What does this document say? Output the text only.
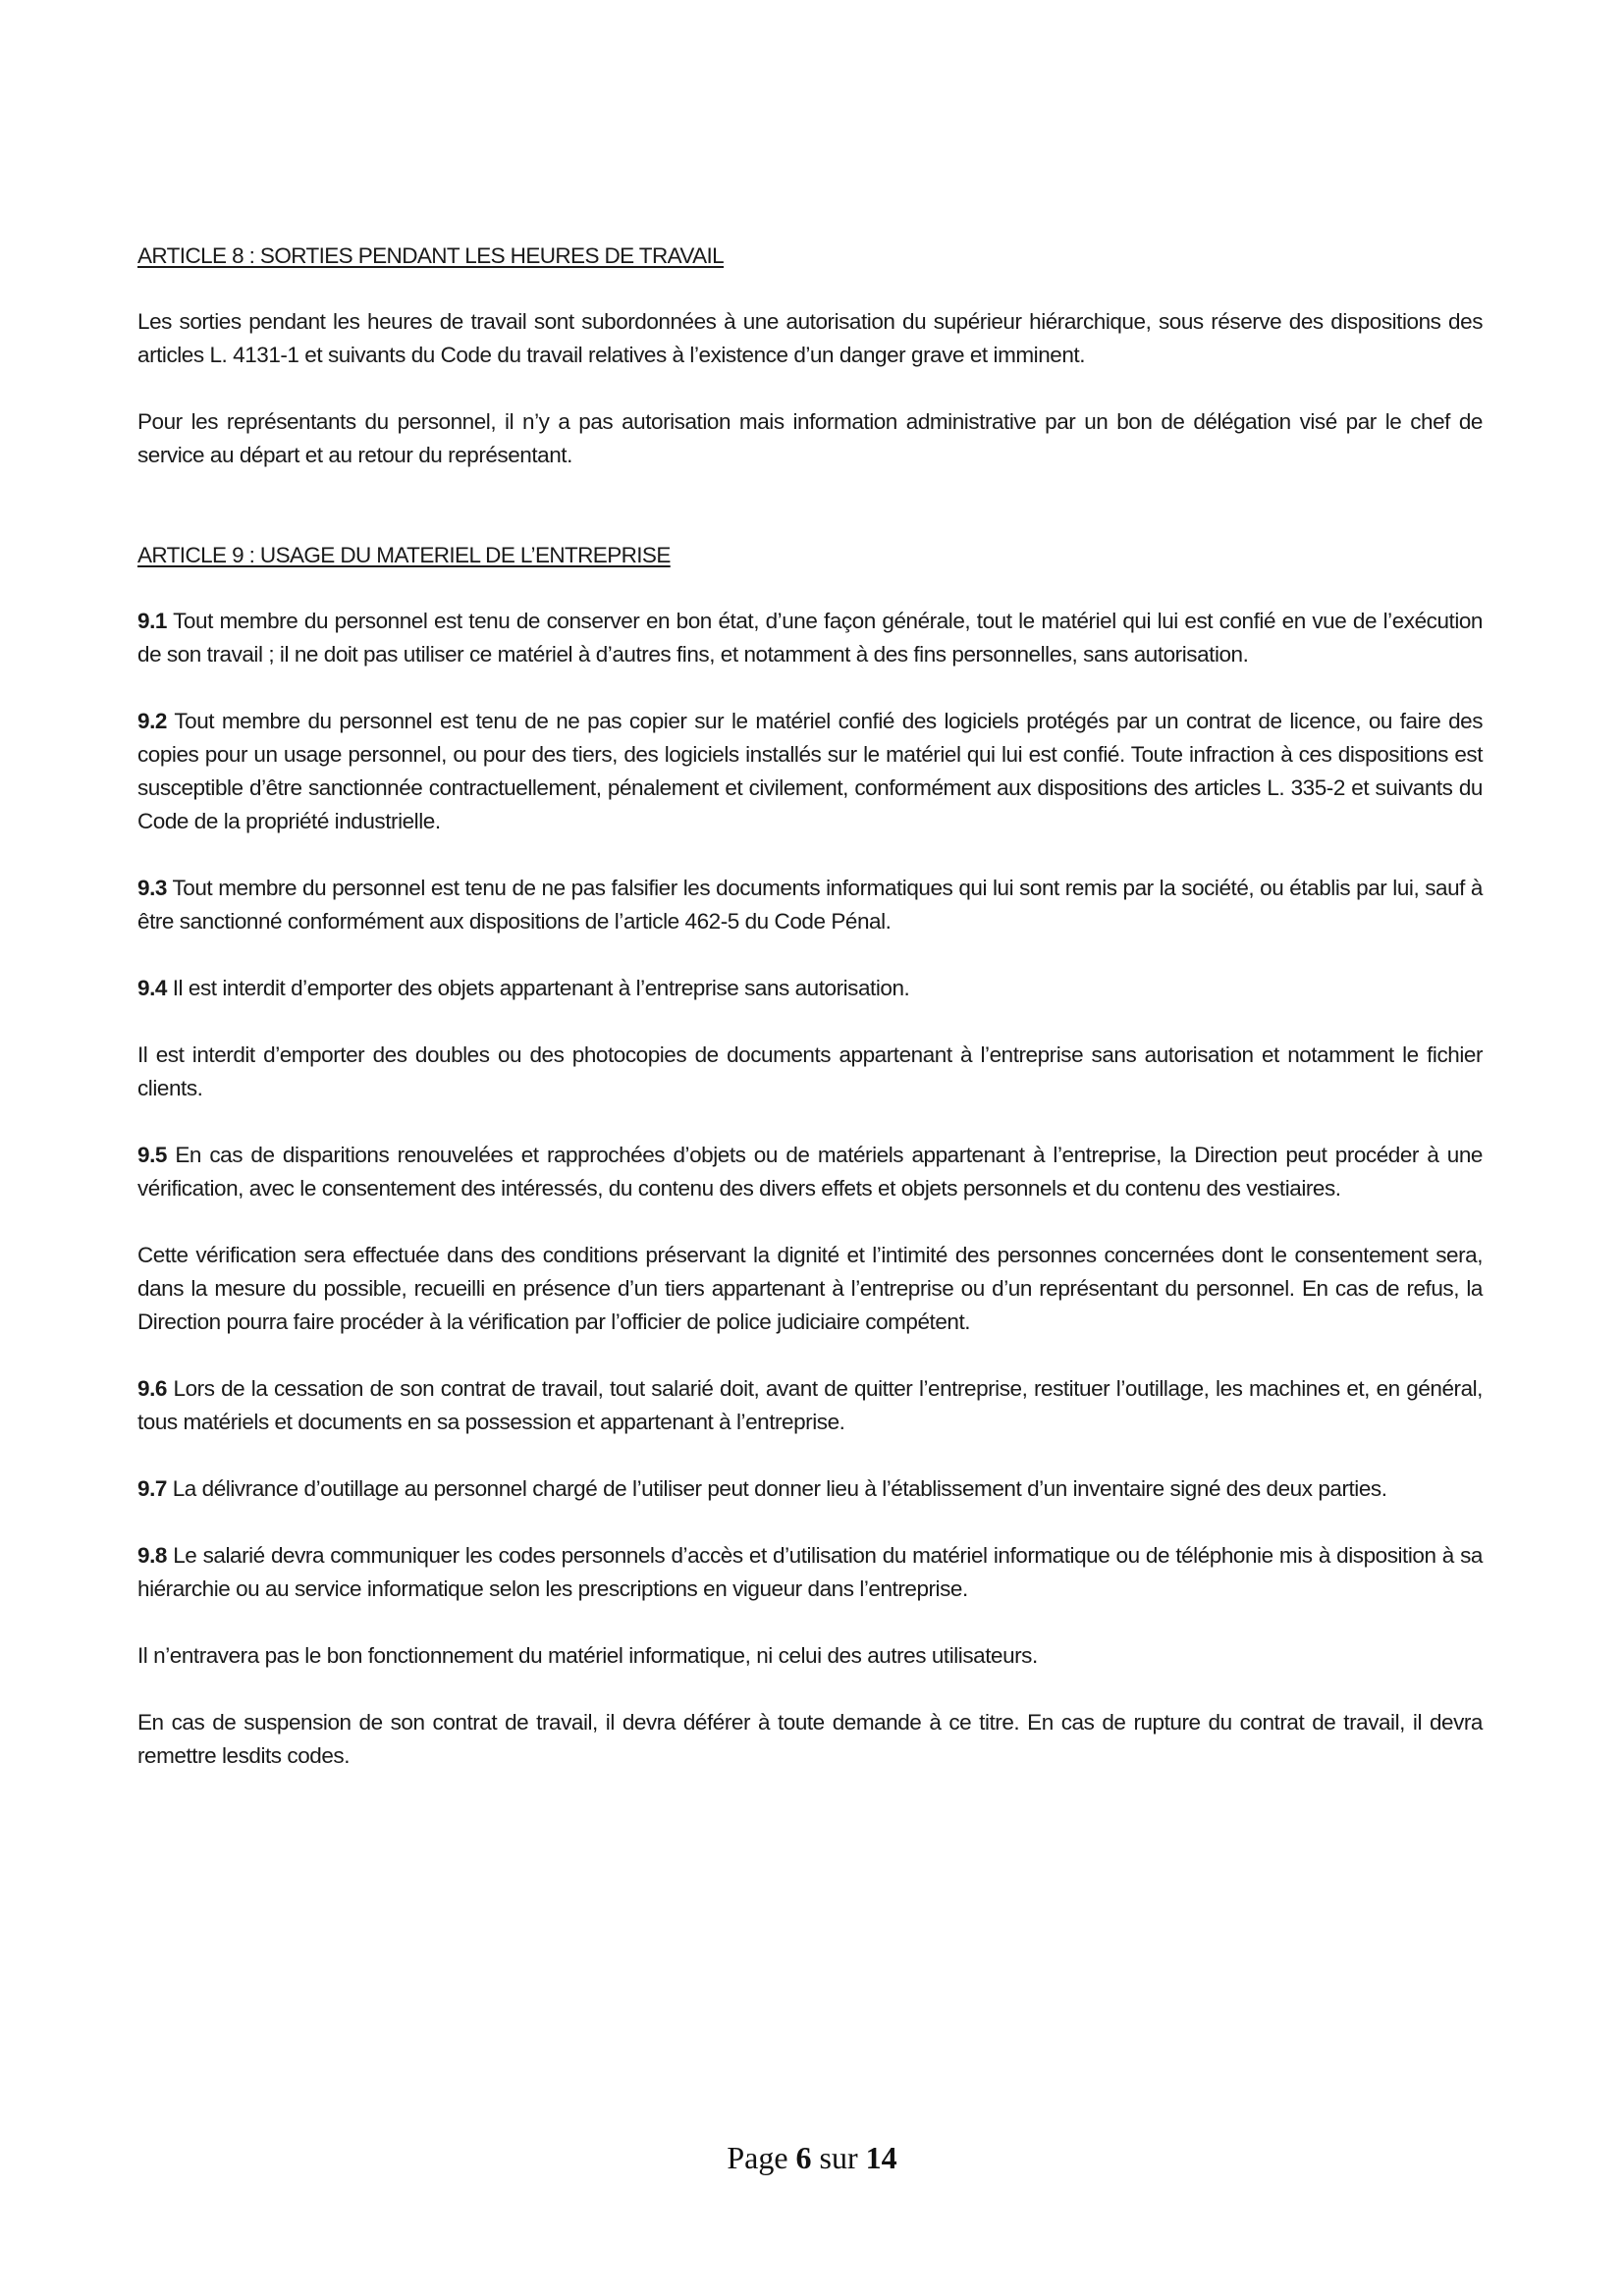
ARTICLE 8 : SORTIES PENDANT LES HEURES DE TRAVAIL

Les sorties pendant les heures de travail sont subordonnées à une autorisation du supérieur hiérarchique, sous réserve des dispositions des articles L. 4131-1 et suivants du Code du travail relatives à l’existence d’un danger grave et imminent.

Pour les représentants du personnel, il n’y a pas autorisation mais information administrative par un bon de délégation visé par le chef de service au départ et au retour du représentant.

ARTICLE 9 : USAGE DU MATERIEL DE L’ENTREPRISE

9.1 Tout membre du personnel est tenu de conserver en bon état, d’une façon générale, tout le matériel qui lui est confié en vue de l’exécution de son travail ; il ne doit pas utiliser ce matériel à d’autres fins, et notamment à des fins personnelles, sans autorisation.

9.2 Tout membre du personnel est tenu de ne pas copier sur le matériel confié des logiciels protégés par un contrat de licence, ou faire des copies pour un usage personnel, ou pour des tiers, des logiciels installés sur le matériel qui lui est confié. Toute infraction à ces dispositions est susceptible d’être sanctionnée contractuellement, pénalement et civilement, conformément aux dispositions des articles L. 335-2 et suivants du Code de la propriété industrielle.

9.3 Tout membre du personnel est tenu de ne pas falsifier les documents informatiques qui lui sont remis par la société, ou établis par lui, sauf à être sanctionné conformément aux dispositions de l’article 462-5 du Code Pénal.

9.4 Il est interdit d’emporter des objets appartenant à l’entreprise sans autorisation.

Il est interdit d’emporter des doubles ou des photocopies de documents appartenant à l’entreprise sans autorisation et notamment le fichier clients.

9.5 En cas de disparitions renouvelées et rapprochées d’objets ou de matériels appartenant à l’entreprise, la Direction peut procéder à une vérification, avec le consentement des intéressés, du contenu des divers effets et objets personnels et du contenu des vestiaires.

Cette vérification sera effectuée dans des conditions préservant la dignité et l’intimité des personnes concernées dont le consentement sera, dans la mesure du possible, recueilli en présence d’un tiers appartenant à l’entreprise ou d’un représentant du personnel. En cas de refus, la Direction pourra faire procéder à la vérification par l’officier de police judiciaire compétent.

9.6 Lors de la cessation de son contrat de travail, tout salarié doit, avant de quitter l’entreprise, restituer l’outillage, les machines et, en général, tous matériels et documents en sa possession et appartenant à l’entreprise.

9.7 La délivrance d’outillage au personnel chargé de l’utiliser peut donner lieu à l’établissement d’un inventaire signé des deux parties.

9.8 Le salarié devra communiquer les codes personnels d’accès et d’utilisation du matériel informatique ou de téléphonie mis à disposition à sa hiérarchie ou au service informatique selon les prescriptions en vigueur dans l’entreprise.

Il n’entravera pas le bon fonctionnement du matériel informatique, ni celui des autres utilisateurs.

En cas de suspension de son contrat de travail, il devra déférer à toute demande à ce titre. En cas de rupture du contrat de travail, il devra remettre lesdits codes.

Page 6 sur 14
